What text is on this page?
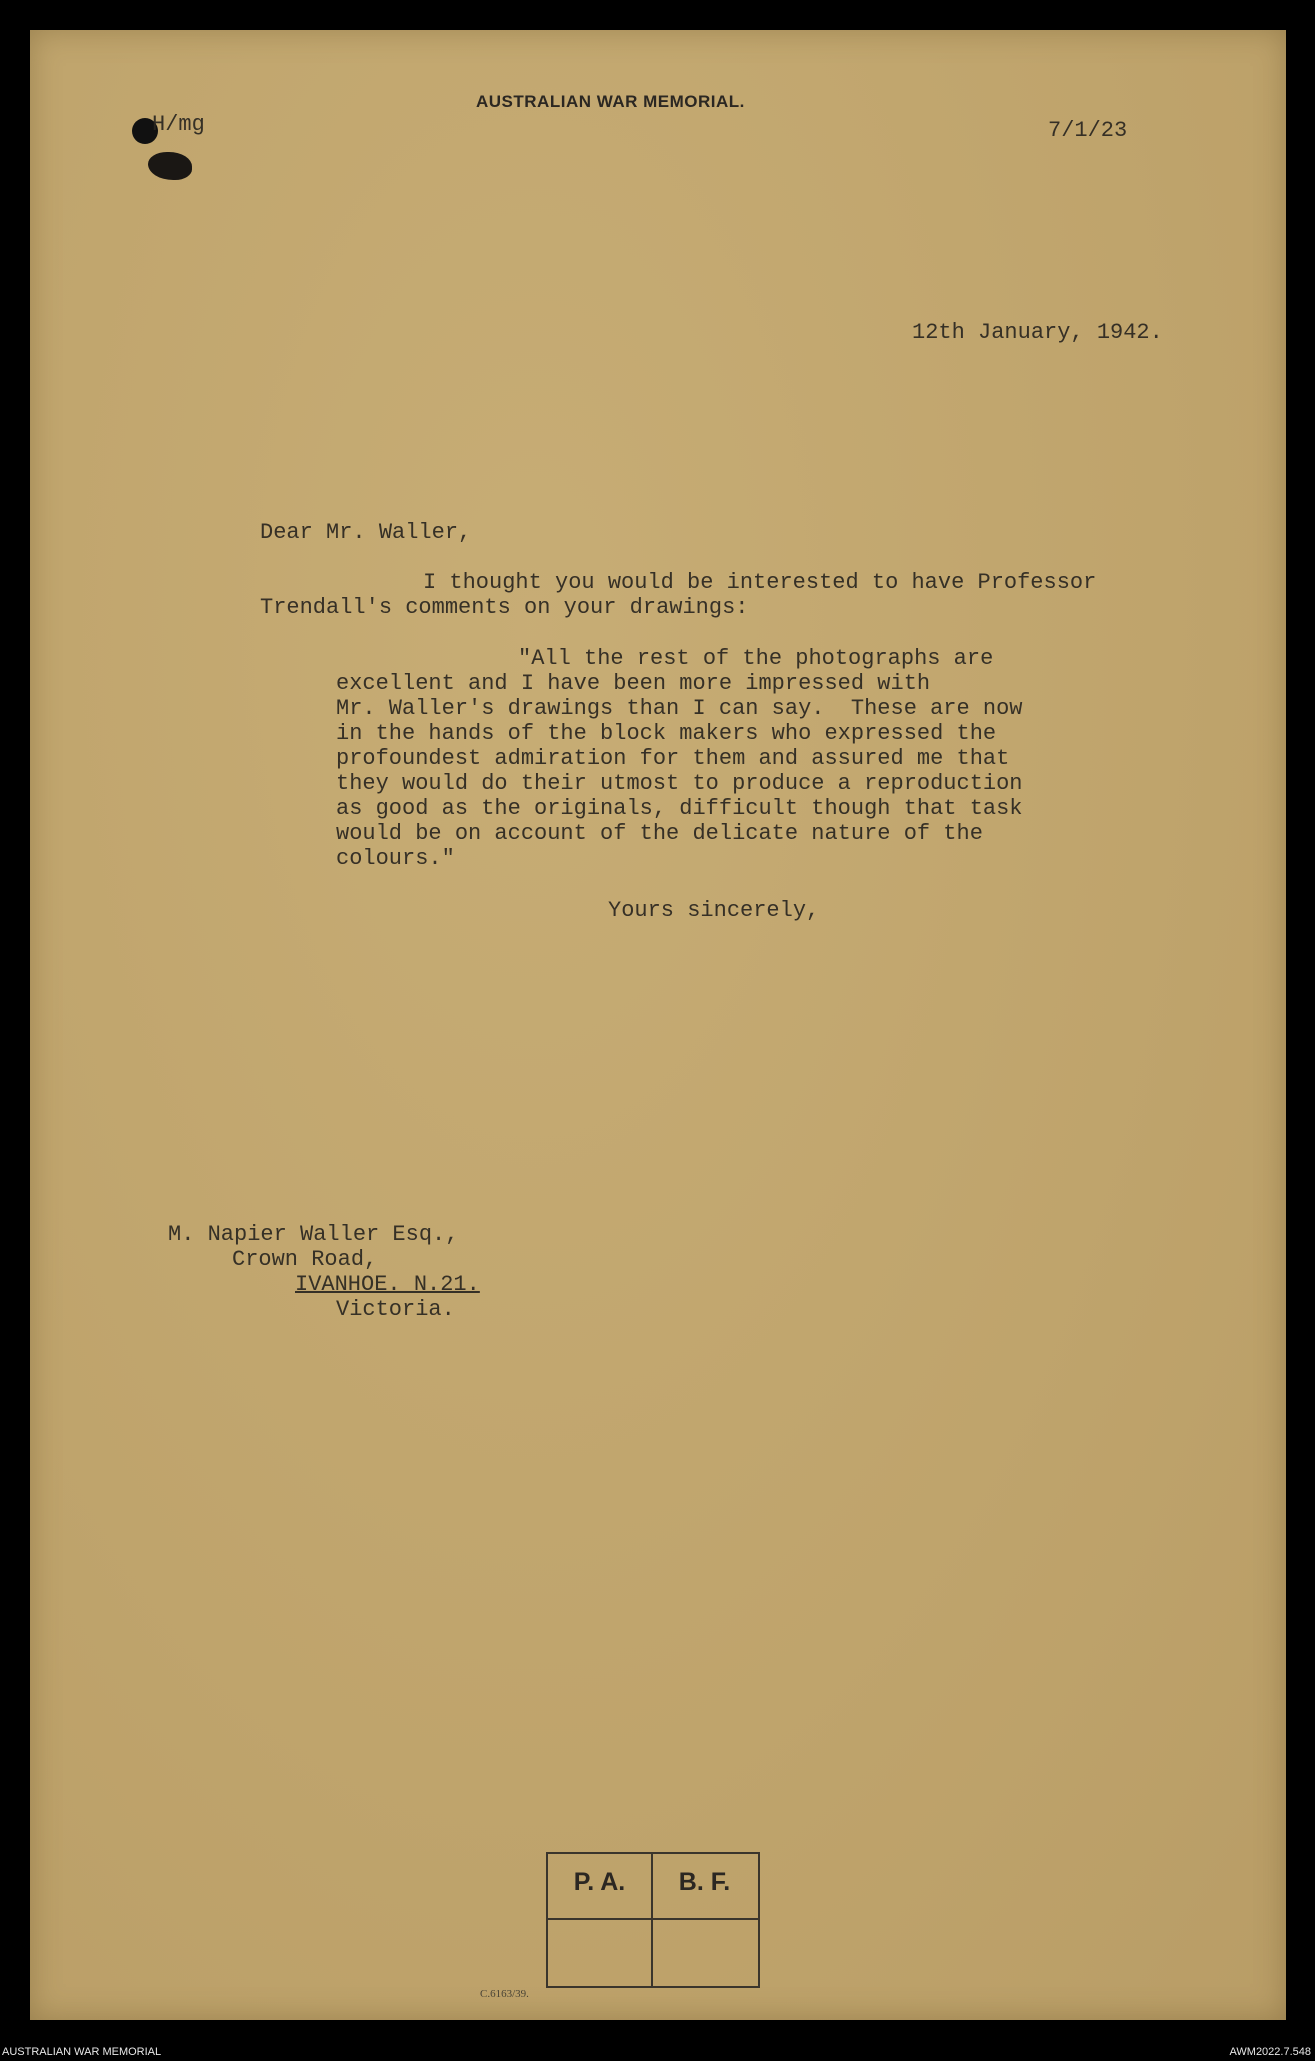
AUSTRALIAN WAR MEMORIAL.
H/mg	7/1/23
12th January, 1942.
Dear Mr. Waller,
I thought you would be interested to have Professor
Trendall's comments on your drawings:
"All the rest of the photographs are
excellent and I have been more impressed with
Mr. Waller's drawings than I can say.  These are now
in the hands of the block makers who expressed the
profoundest admiration for them and assured me that
they would do their utmost to produce a reproduction
as good as the originals, difficult though that task
would be on account of the delicate nature of the
colours."
Yours sincerely,
M. Napier Waller Esq.,
Crown Road,
IVANHOE. N.21.
Victoria.
P. A.	B. F.
C.6163/39.
AUSTRALIAN WAR MEMORIAL	AWM2022.7.548
